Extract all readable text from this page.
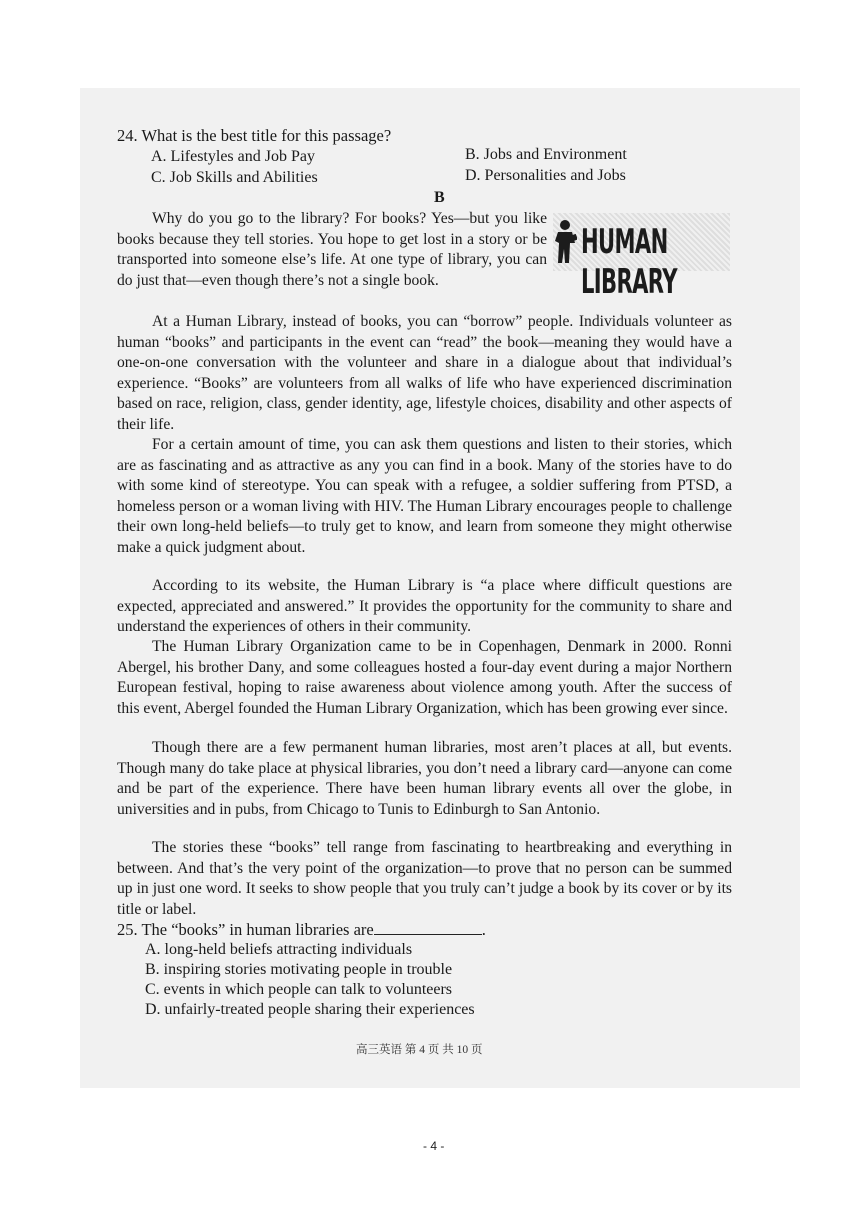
24. What is the best title for this passage?
A. Lifestyles and Job Pay	B. Jobs and Environment
C. Job Skills and Abilities	D. Personalities and Jobs
B
HUMAN LIBRARY

Why do you go to the library? For books? Yes—but you like books because they tell stories. You hope to get lost in a story or be transported into someone else’s life. At one type of library, you can do just that—even though there’s not a single book.

At a Human Library, instead of books, you can “borrow” people. Individuals volunteer as human “books” and participants in the event can “read” the book—meaning they would have a one-on-one conversation with the volunteer and share in a dialogue about that individual’s experience. “Books” are volunteers from all walks of life who have experienced discrimination based on race, religion, class, gender identity, age, lifestyle choices, disability and other aspects of their life.

For a certain amount of time, you can ask them questions and listen to their stories, which are as fascinating and as attractive as any you can find in a book. Many of the stories have to do with some kind of stereotype. You can speak with a refugee, a soldier suffering from PTSD, a homeless person or a woman living with HIV. The Human Library encourages people to challenge their own long-held beliefs—to truly get to know, and learn from someone they might otherwise make a quick judgment about.

According to its website, the Human Library is “a place where difficult questions are expected, appreciated and answered.” It provides the opportunity for the community to share and understand the experiences of others in their community.

The Human Library Organization came to be in Copenhagen, Denmark in 2000. Ronni Abergel, his brother Dany, and some colleagues hosted a four-day event during a major Northern European festival, hoping to raise awareness about violence among youth. After the success of this event, Abergel founded the Human Library Organization, which has been growing ever since.

Though there are a few permanent human libraries, most aren’t places at all, but events. Though many do take place at physical libraries, you don’t need a library card—anyone can come and be part of the experience. There have been human library events all over the globe, in universities and in pubs, from Chicago to Tunis to Edinburgh to San Antonio.

The stories these “books” tell range from fascinating to heartbreaking and everything in between. And that’s the very point of the organization—to prove that no person can be summed up in just one word. It seeks to show people that you truly can’t judge a book by its cover or by its title or label.

25. The “books” in human libraries are	.
A. long-held beliefs attracting individuals
B. inspiring stories motivating people in trouble
C. events in which people can talk to volunteers
D. unfairly-treated people sharing their experiences
高三英语 第 4 页 共 10 页
- 4 -
